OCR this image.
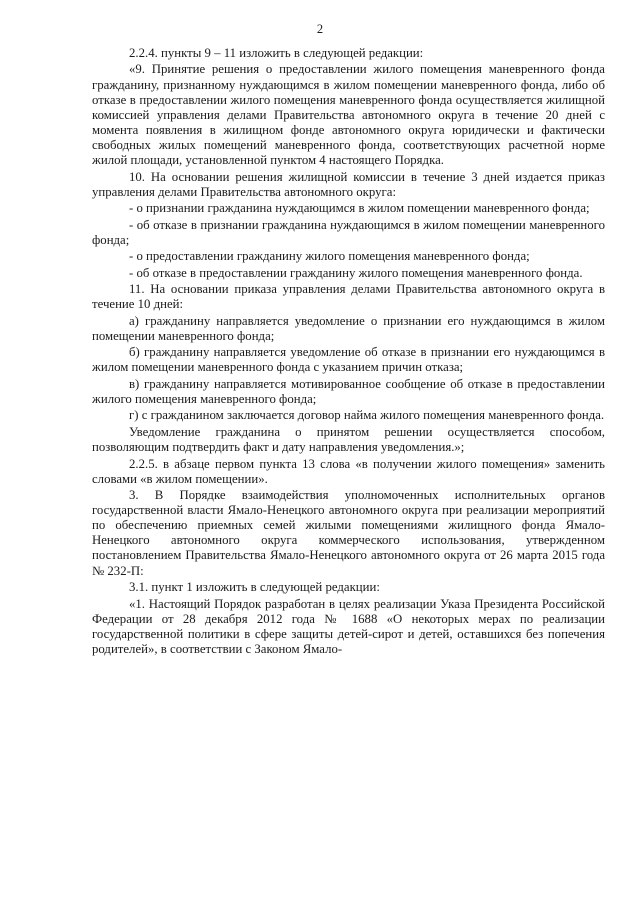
2

2.2.4. пункты 9 – 11 изложить в следующей редакции:

«9. Принятие решения о предоставлении жилого помещения маневренного фонда гражданину, признанному нуждающимся в жилом помещении маневренного фонда, либо об отказе в предоставлении жилого помещения маневренного фонда осуществляется жилищной комиссией управления делами Правительства автономного округа в течение 20 дней с момента появления в жилищном фонде автономного округа юридически и фактически свободных жилых помещений маневренного фонда, соответствующих расчетной норме жилой площади, установленной пунктом 4 настоящего Порядка.

10. На основании решения жилищной комиссии в течение 3 дней издается приказ управления делами Правительства автономного округа:

- о признании гражданина нуждающимся в жилом помещении маневренного фонда;

- об отказе в признании гражданина нуждающимся в жилом помещении маневренного фонда;

- о предоставлении гражданину жилого помещения маневренного фонда;

- об отказе в предоставлении гражданину жилого помещения маневренного фонда.

11. На основании приказа управления делами Правительства автономного округа в течение 10 дней:

а) гражданину направляется уведомление о признании его нуждающимся в жилом помещении маневренного фонда;

б) гражданину направляется уведомление об отказе в признании его нуждающимся в жилом помещении маневренного фонда с указанием причин отказа;

в) гражданину направляется мотивированное сообщение об отказе в предоставлении жилого помещения маневренного фонда;

г) с гражданином заключается договор найма жилого помещения маневренного фонда.

Уведомление гражданина о принятом решении осуществляется способом, позволяющим подтвердить факт и дату направления уведомления.»;

2.2.5. в абзаце первом пункта 13 слова «в получении жилого помещения» заменить словами «в жилом помещении».

3. В Порядке взаимодействия уполномоченных исполнительных органов государственной власти Ямало-Ненецкого автономного округа при реализации мероприятий по обеспечению приемных семей жилыми помещениями жилищного фонда Ямало-Ненецкого автономного округа коммерческого использования, утвержденном постановлением Правительства Ямало-Ненецкого автономного округа от 26 марта 2015 года № 232-П:

3.1. пункт 1 изложить в следующей редакции:

«1. Настоящий Порядок разработан в целях реализации Указа Президента Российской Федерации от 28 декабря 2012 года № 1688 «О некоторых мерах по реализации государственной политики в сфере защиты детей-сирот и детей, оставшихся без попечения родителей», в соответствии с Законом Ямало-
